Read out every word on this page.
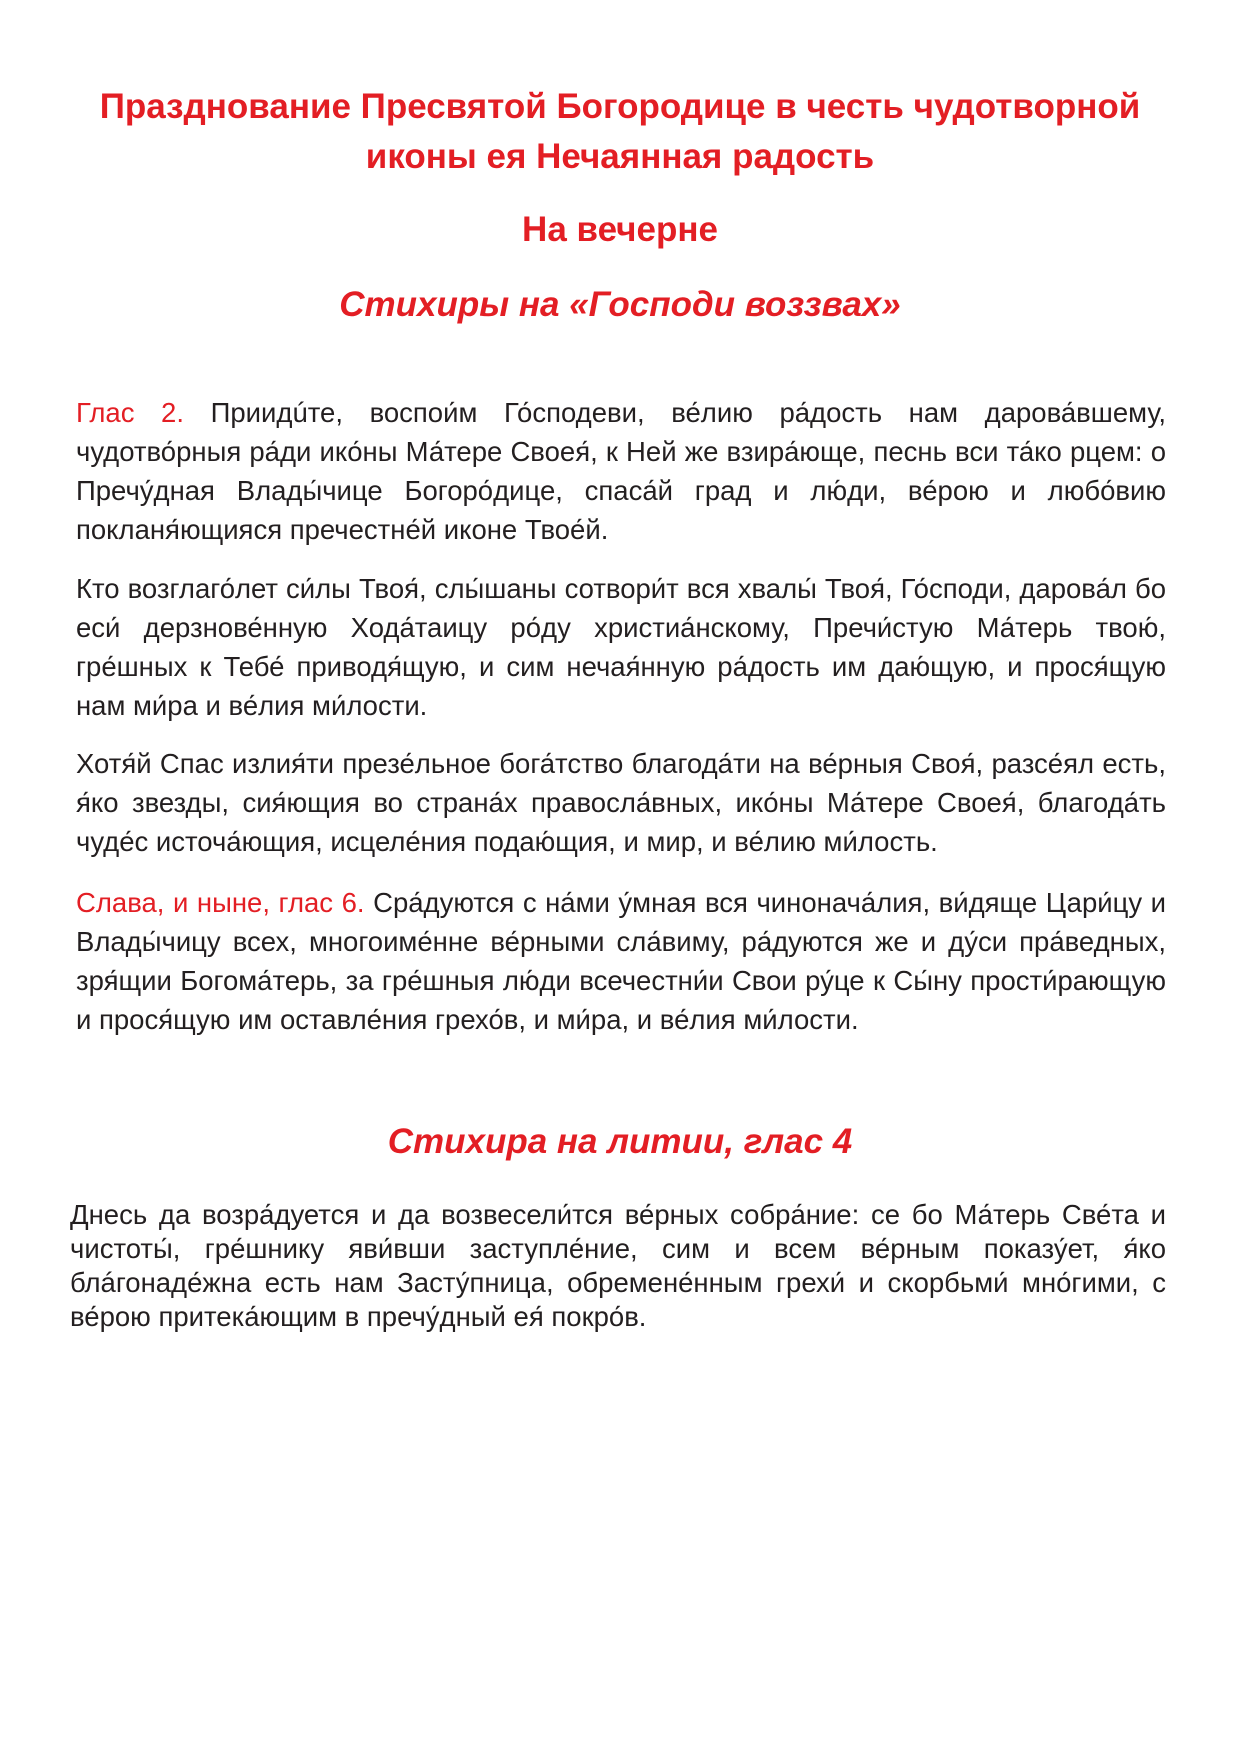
Празднование Пресвятой Богородице в честь чудотворной иконы ея Нечаянная радость
На вечерне
Стихиры на «Господи воззвах»

Глас 2. Приидúте, воспои́м Го́сподеви, ве́лию ра́дость нам дарова́вшему, чудотво́рныя ра́ди ико́ны Ма́тере Своея́, к Ней же взира́юще, песнь вси та́ко рцем: о Пречу́дная Влады́чице Богоро́дице, спаса́й град и лю́ди, ве́рою и любо́вию покланя́ющияся пречестне́й иконе Твое́й.

Кто возглаго́лет си́лы Твоя́, слы́шаны сотвори́т вся хвалы́ Твоя́, Го́споди, дарова́л бо еси́ дерзнове́нную Хода́таицу ро́ду христиа́нскому, Пречи́стую Ма́терь твою́, гре́шных к Тебе́ приводя́щую, и сим нечая́нную ра́дость им даю́щую, и прося́щую нам ми́ра и ве́лия ми́лости.

Хотя́й Спас излия́ти презе́льное бога́тство благода́ти на ве́рныя Своя́, разсе́ял есть, я́ко звезды, сия́ющия во страна́х правосла́вных, ико́ны Ма́тере Своея́, благода́ть чуде́с источа́ющия, исцеле́ния подаю́щия, и мир, и ве́лию ми́лость.

Слава, и ныне, глас 6. Сра́дуются с на́ми у́мная вся чинонача́лия, ви́дяще Цари́цу и Влады́чицу всех, многоиме́нне ве́рными сла́виму, ра́дуются же и ду́си пра́ведных, зря́щии Богома́терь, за гре́шныя лю́ди всечестни́и Свои ру́це к Сы́ну прости́рающую и прося́щую им оставле́ния грехо́в, и ми́ра, и ве́лия ми́лости.

Стихира на литии, глас 4

Днесь да возра́дуется и да возвесели́тся ве́рных собра́ние: се бо Ма́терь Све́та и чистоты́, гре́шнику яви́вши заступле́ние, сим и всем ве́рным показу́ет, я́ко блáгонаде́жна есть нам Засту́пница, обремене́нным грехи́ и скорбьми́ мно́гими, с ве́рою притека́ющим в пречу́дный ея́ покро́в.
